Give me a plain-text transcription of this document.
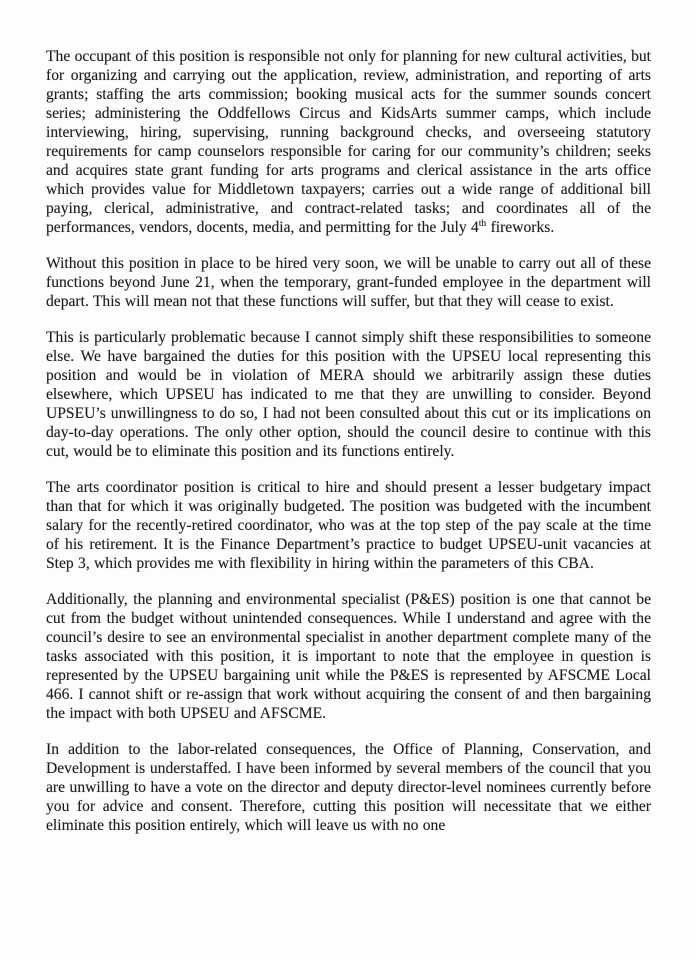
The occupant of this position is responsible not only for planning for new cultural activities, but for organizing and carrying out the application, review, administration, and reporting of arts grants; staffing the arts commission; booking musical acts for the summer sounds concert series; administering the Oddfellows Circus and KidsArts summer camps, which include interviewing, hiring, supervising, running background checks, and overseeing statutory requirements for camp counselors responsible for caring for our community’s children; seeks and acquires state grant funding for arts programs and clerical assistance in the arts office which provides value for Middletown taxpayers; carries out a wide range of additional bill paying, clerical, administrative, and contract-related tasks; and coordinates all of the performances, vendors, docents, media, and permitting for the July 4th fireworks.

Without this position in place to be hired very soon, we will be unable to carry out all of these functions beyond June 21, when the temporary, grant-funded employee in the department will depart. This will mean not that these functions will suffer, but that they will cease to exist.

This is particularly problematic because I cannot simply shift these responsibilities to someone else. We have bargained the duties for this position with the UPSEU local representing this position and would be in violation of MERA should we arbitrarily assign these duties elsewhere, which UPSEU has indicated to me that they are unwilling to consider. Beyond UPSEU’s unwillingness to do so, I had not been consulted about this cut or its implications on day-to-day operations. The only other option, should the council desire to continue with this cut, would be to eliminate this position and its functions entirely.

The arts coordinator position is critical to hire and should present a lesser budgetary impact than that for which it was originally budgeted. The position was budgeted with the incumbent salary for the recently-retired coordinator, who was at the top step of the pay scale at the time of his retirement. It is the Finance Department’s practice to budget UPSEU-unit vacancies at Step 3, which provides me with flexibility in hiring within the parameters of this CBA.

Additionally, the planning and environmental specialist (P&ES) position is one that cannot be cut from the budget without unintended consequences. While I understand and agree with the council’s desire to see an environmental specialist in another department complete many of the tasks associated with this position, it is important to note that the employee in question is represented by the UPSEU bargaining unit while the P&ES is represented by AFSCME Local 466. I cannot shift or re-assign that work without acquiring the consent of and then bargaining the impact with both UPSEU and AFSCME.

In addition to the labor-related consequences, the Office of Planning, Conservation, and Development is understaffed. I have been informed by several members of the council that you are unwilling to have a vote on the director and deputy director-level nominees currently before you for advice and consent. Therefore, cutting this position will necessitate that we either eliminate this position entirely, which will leave us with no one
